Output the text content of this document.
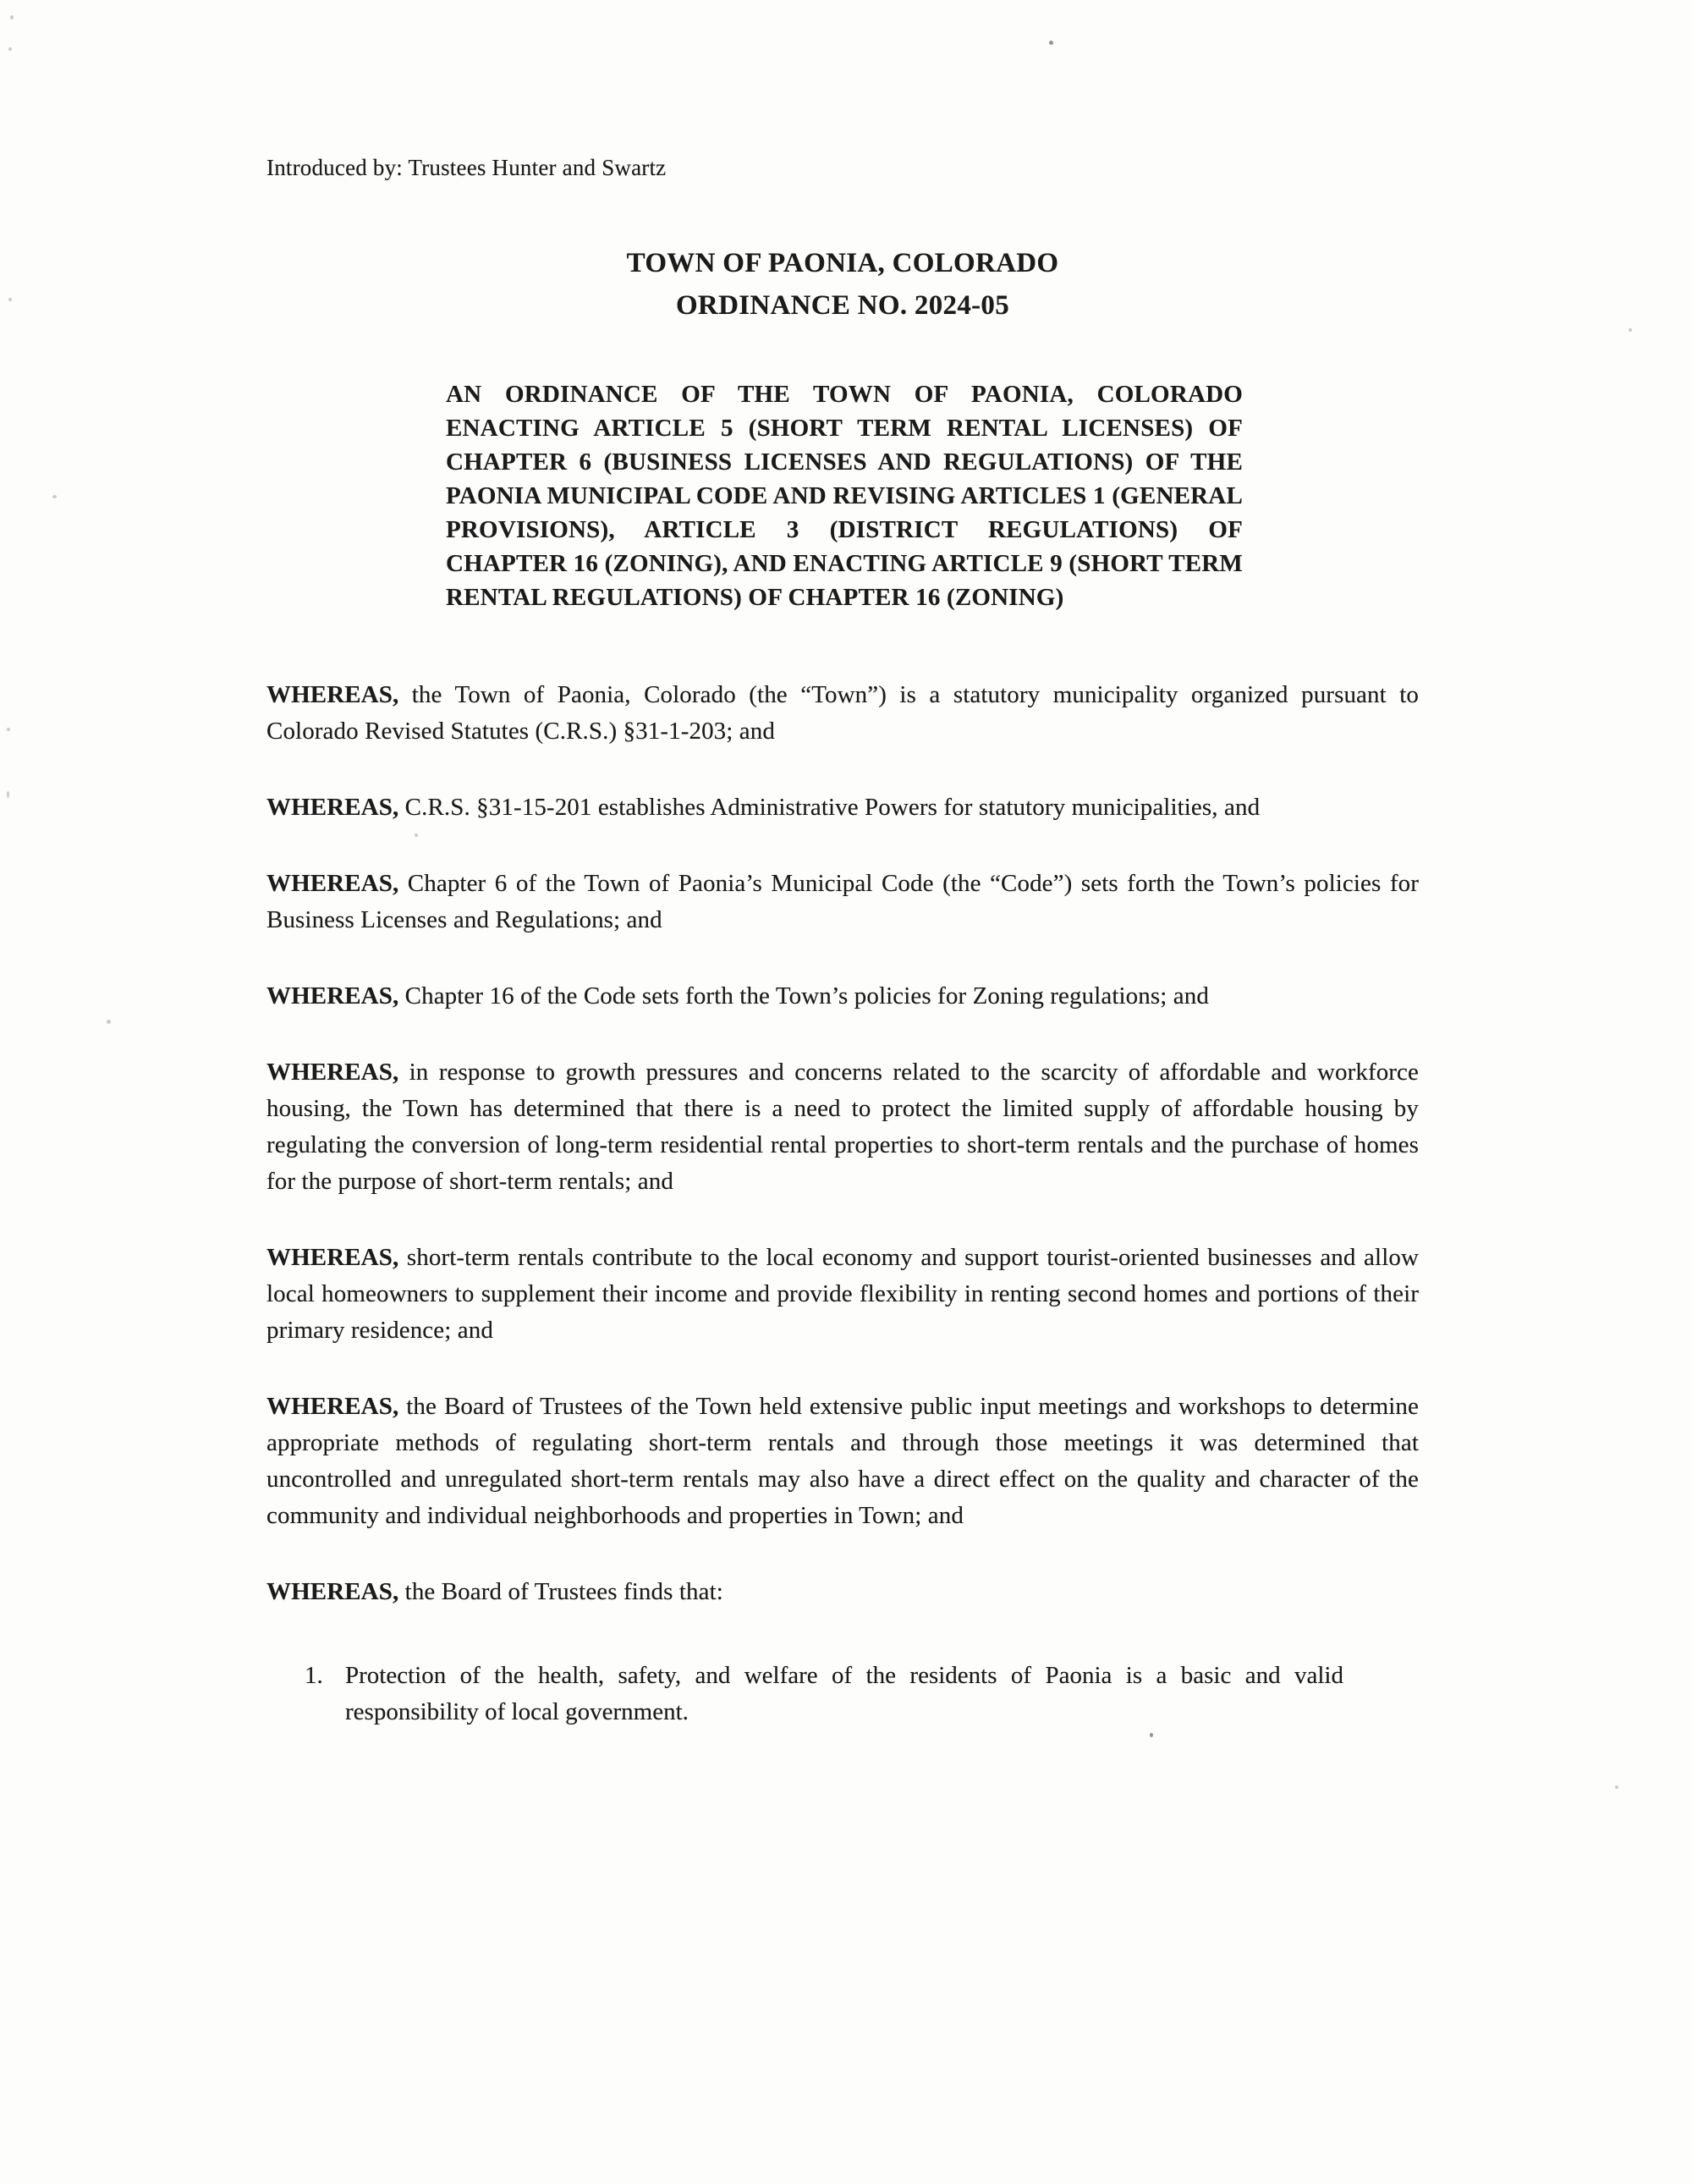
Introduced by: Trustees Hunter and Swartz
TOWN OF PAONIA, COLORADO
ORDINANCE NO. 2024-05
AN ORDINANCE OF THE TOWN OF PAONIA, COLORADO ENACTING ARTICLE 5 (SHORT TERM RENTAL LICENSES) OF CHAPTER 6 (BUSINESS LICENSES AND REGULATIONS) OF THE PAONIA MUNICIPAL CODE AND REVISING ARTICLES 1 (GENERAL PROVISIONS), ARTICLE 3 (DISTRICT REGULATIONS) OF CHAPTER 16 (ZONING), AND ENACTING ARTICLE 9 (SHORT TERM RENTAL REGULATIONS) OF CHAPTER 16 (ZONING)

WHEREAS, the Town of Paonia, Colorado (the “Town”) is a statutory municipality organized pursuant to Colorado Revised Statutes (C.R.S.) §31-1-203; and

WHEREAS, C.R.S. §31-15-201 establishes Administrative Powers for statutory municipalities, and

WHEREAS, Chapter 6 of the Town of Paonia’s Municipal Code (the “Code”) sets forth the Town’s policies for Business Licenses and Regulations; and

WHEREAS, Chapter 16 of the Code sets forth the Town’s policies for Zoning regulations; and

WHEREAS, in response to growth pressures and concerns related to the scarcity of affordable and workforce housing, the Town has determined that there is a need to protect the limited supply of affordable housing by regulating the conversion of long-term residential rental properties to short-term rentals and the purchase of homes for the purpose of short-term rentals; and

WHEREAS, short-term rentals contribute to the local economy and support tourist-oriented businesses and allow local homeowners to supplement their income and provide flexibility in renting second homes and portions of their primary residence; and

WHEREAS, the Board of Trustees of the Town held extensive public input meetings and workshops to determine appropriate methods of regulating short-term rentals and through those meetings it was determined that uncontrolled and unregulated short-term rentals may also have a direct effect on the quality and character of the community and individual neighborhoods and properties in Town; and

WHEREAS, the Board of Trustees finds that:

1. Protection of the health, safety, and welfare of the residents of Paonia is a basic and valid responsibility of local government.
